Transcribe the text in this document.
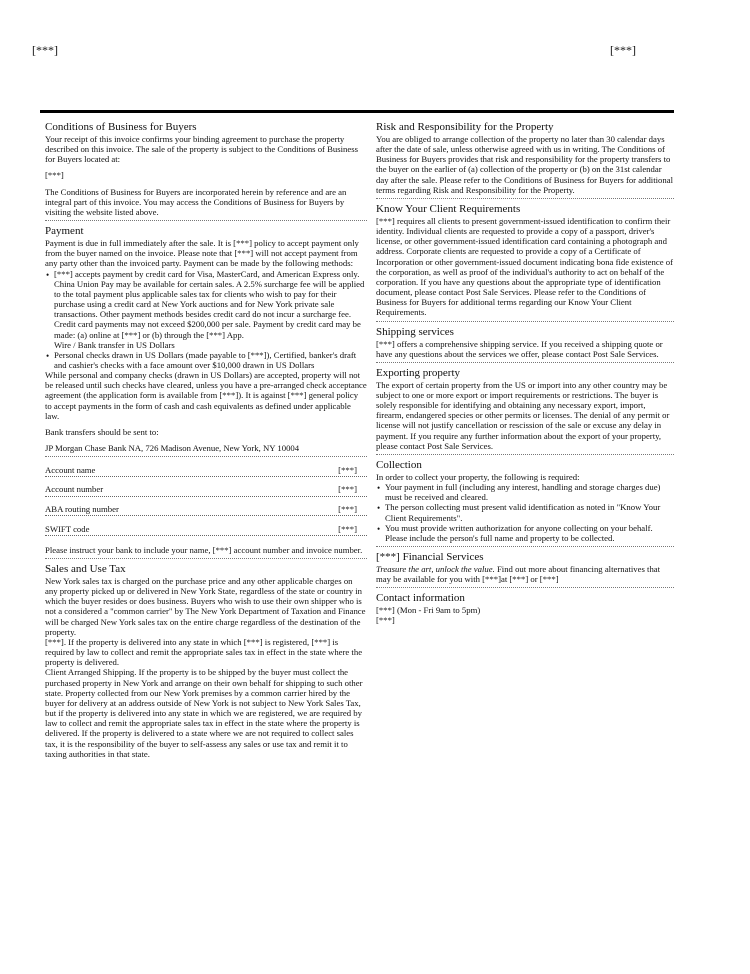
[***]	[***]
Conditions of Business for Buyers

Your receipt of this invoice confirms your binding agreement to purchase the property described on this invoice. The sale of the property is subject to the Conditions of Business for Buyers located at:

[***]

The Conditions of Business for Buyers are incorporated herein by reference and are an integral part of this invoice. You may access the Conditions of Business for Buyers by visiting the website listed above.

Payment

Payment is due in full immediately after the sale. It is [***] policy to accept payment only from the buyer named on the invoice. Please note that [***] will not accept payment from any party other than the invoiced party. Payment can be made by the following methods:

• [***] accepts payment by credit card for Visa, MasterCard, and American Express only. China Union Pay may be available for certain sales. A 2.5% surcharge fee will be applied to the total payment plus applicable sales tax for clients who wish to pay for their purchase using a credit card at New York auctions and for New York private sale transactions. Other payment methods besides credit card do not incur a surcharge fee. Credit card payments may not exceed $200,000 per sale. Payment by credit card may be made: (a) online at [***] or (b) through the [***] App.
Wire / Bank transfer in US Dollars
• Personal checks drawn in US Dollars (made payable to [***]), Certified, banker's draft and cashier's checks with a face amount over $10,000 drawn in US Dollars

While personal and company checks (drawn in US Dollars) are accepted, property will not be released until such checks have cleared, unless you have a pre-arranged check acceptance agreement (the application form is available from [***]). It is against [***] general policy to accept payments in the form of cash and cash equivalents as defined under applicable law.

Bank transfers should be sent to:

JP Morgan Chase Bank NA, 726 Madison Avenue, New York, NY 10004

Account name	[***]
Account number	[***]
ABA routing number	[***]
SWIFT code	[***]

Please instruct your bank to include your name, [***] account number and invoice number.

Sales and Use Tax

New York sales tax is charged on the purchase price and any other applicable charges on any property picked up or delivered in New York State, regardless of the state or country in which the buyer resides or does business. Buyers who wish to use their own shipper who is not a considered a "common carrier" by The New York Department of Taxation and Finance will be charged New York sales tax on the entire charge regardless of the destination of the property.

[***]. If the property is delivered into any state in which [***] is registered, [***] is required by law to collect and remit the appropriate sales tax in effect in the state where the property is delivered.

Client Arranged Shipping. If the property is to be shipped by the buyer must collect the purchased property in New York and arrange on their own behalf for shipping to such other state. Property collected from our New York premises by a common carrier hired by the buyer for delivery at an address outside of New York is not subject to New York Sales Tax, but if the property is delivered into any state in which we are registered, we are required by law to collect and remit the appropriate sales tax in effect in the state where the property is delivered. If the property is delivered to a state where we are not required to collect sales tax, it is the responsibility of the buyer to self-assess any sales or use tax and remit it to taxing authorities in that state.

Risk and Responsibility for the Property

You are obliged to arrange collection of the property no later than 30 calendar days after the date of sale, unless otherwise agreed with us in writing. The Conditions of Business for Buyers provides that risk and responsibility for the property transfers to the buyer on the earlier of (a) collection of the property or (b) on the 31st calendar day after the sale. Please refer to the Conditions of Business for Buyers for additional terms regarding Risk and Responsibility for the Property.

Know Your Client Requirements

[***] requires all clients to present government-issued identification to confirm their identity. Individual clients are requested to provide a copy of a passport, driver's license, or other government-issued identification card containing a photograph and address. Corporate clients are requested to provide a copy of a Certificate of Incorporation or other government-issued document indicating bona fide existence of the corporation, as well as proof of the individual's authority to act on behalf of the corporation. If you have any questions about the appropriate type of identification document, please contact Post Sale Services. Please refer to the Conditions of Business for Buyers for additional terms regarding our Know Your Client Requirements.

Shipping services

[***] offers a comprehensive shipping service. If you received a shipping quote or have any questions about the services we offer, please contact Post Sale Services.

Exporting property

The export of certain property from the US or import into any other country may be subject to one or more export or import requirements or restrictions. The buyer is solely responsible for identifying and obtaining any necessary export, import, firearm, endangered species or other permits or licenses. The denial of any permit or license will not justify cancellation or rescission of the sale or excuse any delay in payment. If you require any further information about the export of your property, please contact Post Sale Services.

Collection

In order to collect your property, the following is required:

• Your payment in full (including any interest, handling and storage charges due) must be received and cleared.
• The person collecting must present valid identification as noted in "Know Your Client Requirements".
• You must provide written authorization for anyone collecting on your behalf. Please include the person's full name and property to be collected.
[***] Financial Services

Treasure the art, unlock the value. Find out more about financing alternatives that may be available for you with [***]at [***] or [***]

Contact information

[***] (Mon - Fri 9am to 5pm)

[***]
